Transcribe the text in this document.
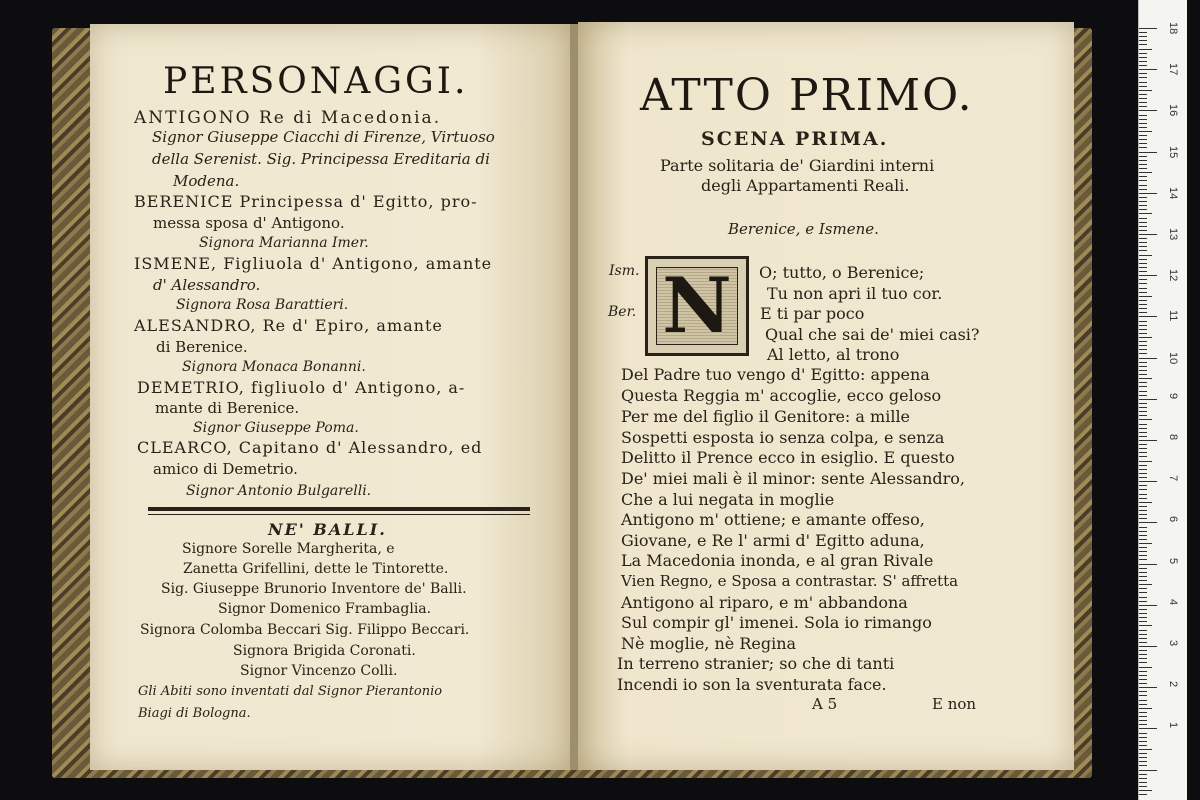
PERSONAGGI.
ANTIGONO Re di Macedonia.
Signor Giuseppe Ciacchi di Firenze, Virtuoso
della Serenist. Sig. Principessa Ereditaria di
Modena.
BERENICE Principessa d' Egitto, pro-
messa sposa d' Antigono.
Signora Marianna Imer.
ISMENE, Figliuola d' Antigono, amante
d' Alessandro.
Signora Rosa Barattieri.
ALESANDRO, Re d' Epiro, amante
di Berenice.
Signora Monaca Bonanni.
DEMETRIO, figliuolo d' Antigono, a-
mante di Berenice.
Signor Giuseppe Poma.
CLEARCO, Capitano d' Alessandro, ed
amico di Demetrio.
Signor Antonio Bulgarelli.
NE' BALLI.
Signore Sorelle Margherita, e
Zanetta Grifellini, dette le Tintorette.
Sig. Giuseppe Brunorio Inventore de' Balli.
Signor Domenico Frambaglia.
Signora Colomba Beccari Sig. Filippo Beccari.
Signora Brigida Coronati.
Signor Vincenzo Colli.
Gli Abiti sono inventati dal Signor Pierantonio
Biagi di Bologna.
ATTO PRIMO.
SCENA PRIMA.
Parte solitaria de' Giardini interni
degli Appartamenti Reali.
Berenice, e Ismene.
N
Ism.
Ber.
O; tutto, o Berenice;
Tu non apri il tuo cor.
E ti par poco
Qual che sai de' miei casi?
Al letto, al trono
Del Padre tuo vengo d' Egitto: appena
Questa Reggia m' accoglie, ecco geloso
Per me del figlio il Genitore: a mille
Sospetti esposta io senza colpa, e senza
Delitto il Prence ecco in esiglio. E questo
De' miei mali è il minor: sente Alessandro,
Che a lui negata in moglie
Antigono m' ottiene; e amante offeso,
Giovane, e Re l' armi d' Egitto aduna,
La Macedonia inonda, e al gran Rivale
Vien Regno, e Sposa a contrastar. S' affretta
Antigono al riparo, e m' abbandona
Sul compir gl' imenei. Sola io rimango
Nè moglie, nè Regina
In terreno stranier; so che di tanti
Incendi io son la sventurata face.
A 5	E non
18
17
16
15
14
13
12
11
10
9
8
7
6
5
4
3
2
1
